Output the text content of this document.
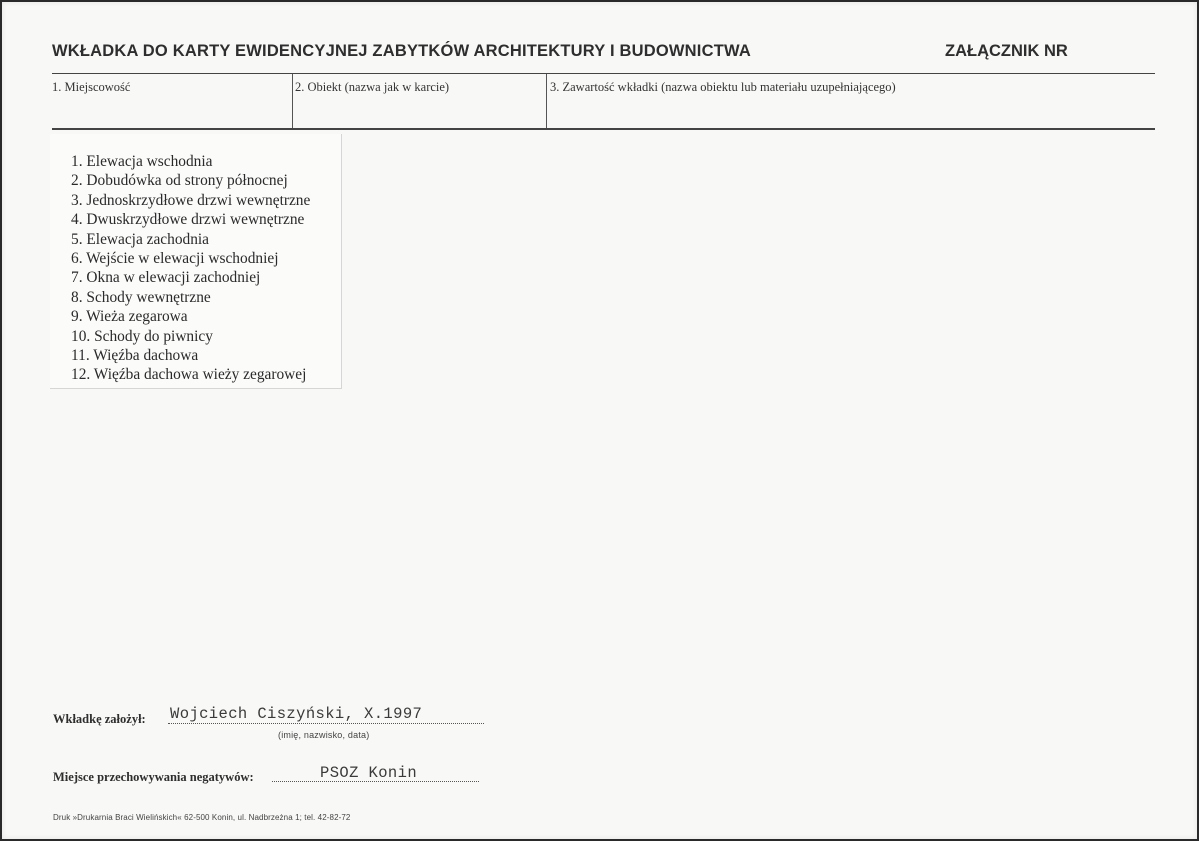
WKŁADKA DO KARTY EWIDENCYJNEJ ZABYTKÓW ARCHITEKTURY I BUDOWNICTWA	ZAŁĄCZNIK NR
1. Miejscowość	2. Obiekt (nazwa jak w karcie)	3. Zawartość wkładki (nazwa obiektu lub materiału uzupełniającego)
1. Elewacja wschodnia
2. Dobudówka od strony północnej
3. Jednoskrzydłowe drzwi wewnętrzne
4. Dwuskrzydłowe drzwi wewnętrzne
5. Elewacja zachodnia
6. Wejście w elewacji wschodniej
7. Okna w elewacji zachodniej
8. Schody wewnętrzne
9. Wieża zegarowa
10. Schody do piwnicy
11. Więźba dachowa
12. Więźba dachowa wieży zegarowej
Wkładkę założył: Wojciech Ciszyński, X.1997
(imię, nazwisko, data)
Miejsce przechowywania negatywów:	PSOZ Konin
Druk »Drukarnia Braci Wielińskich« 62-500 Konin, ul. Nadbrzeżna 1; tel. 42-82-72
